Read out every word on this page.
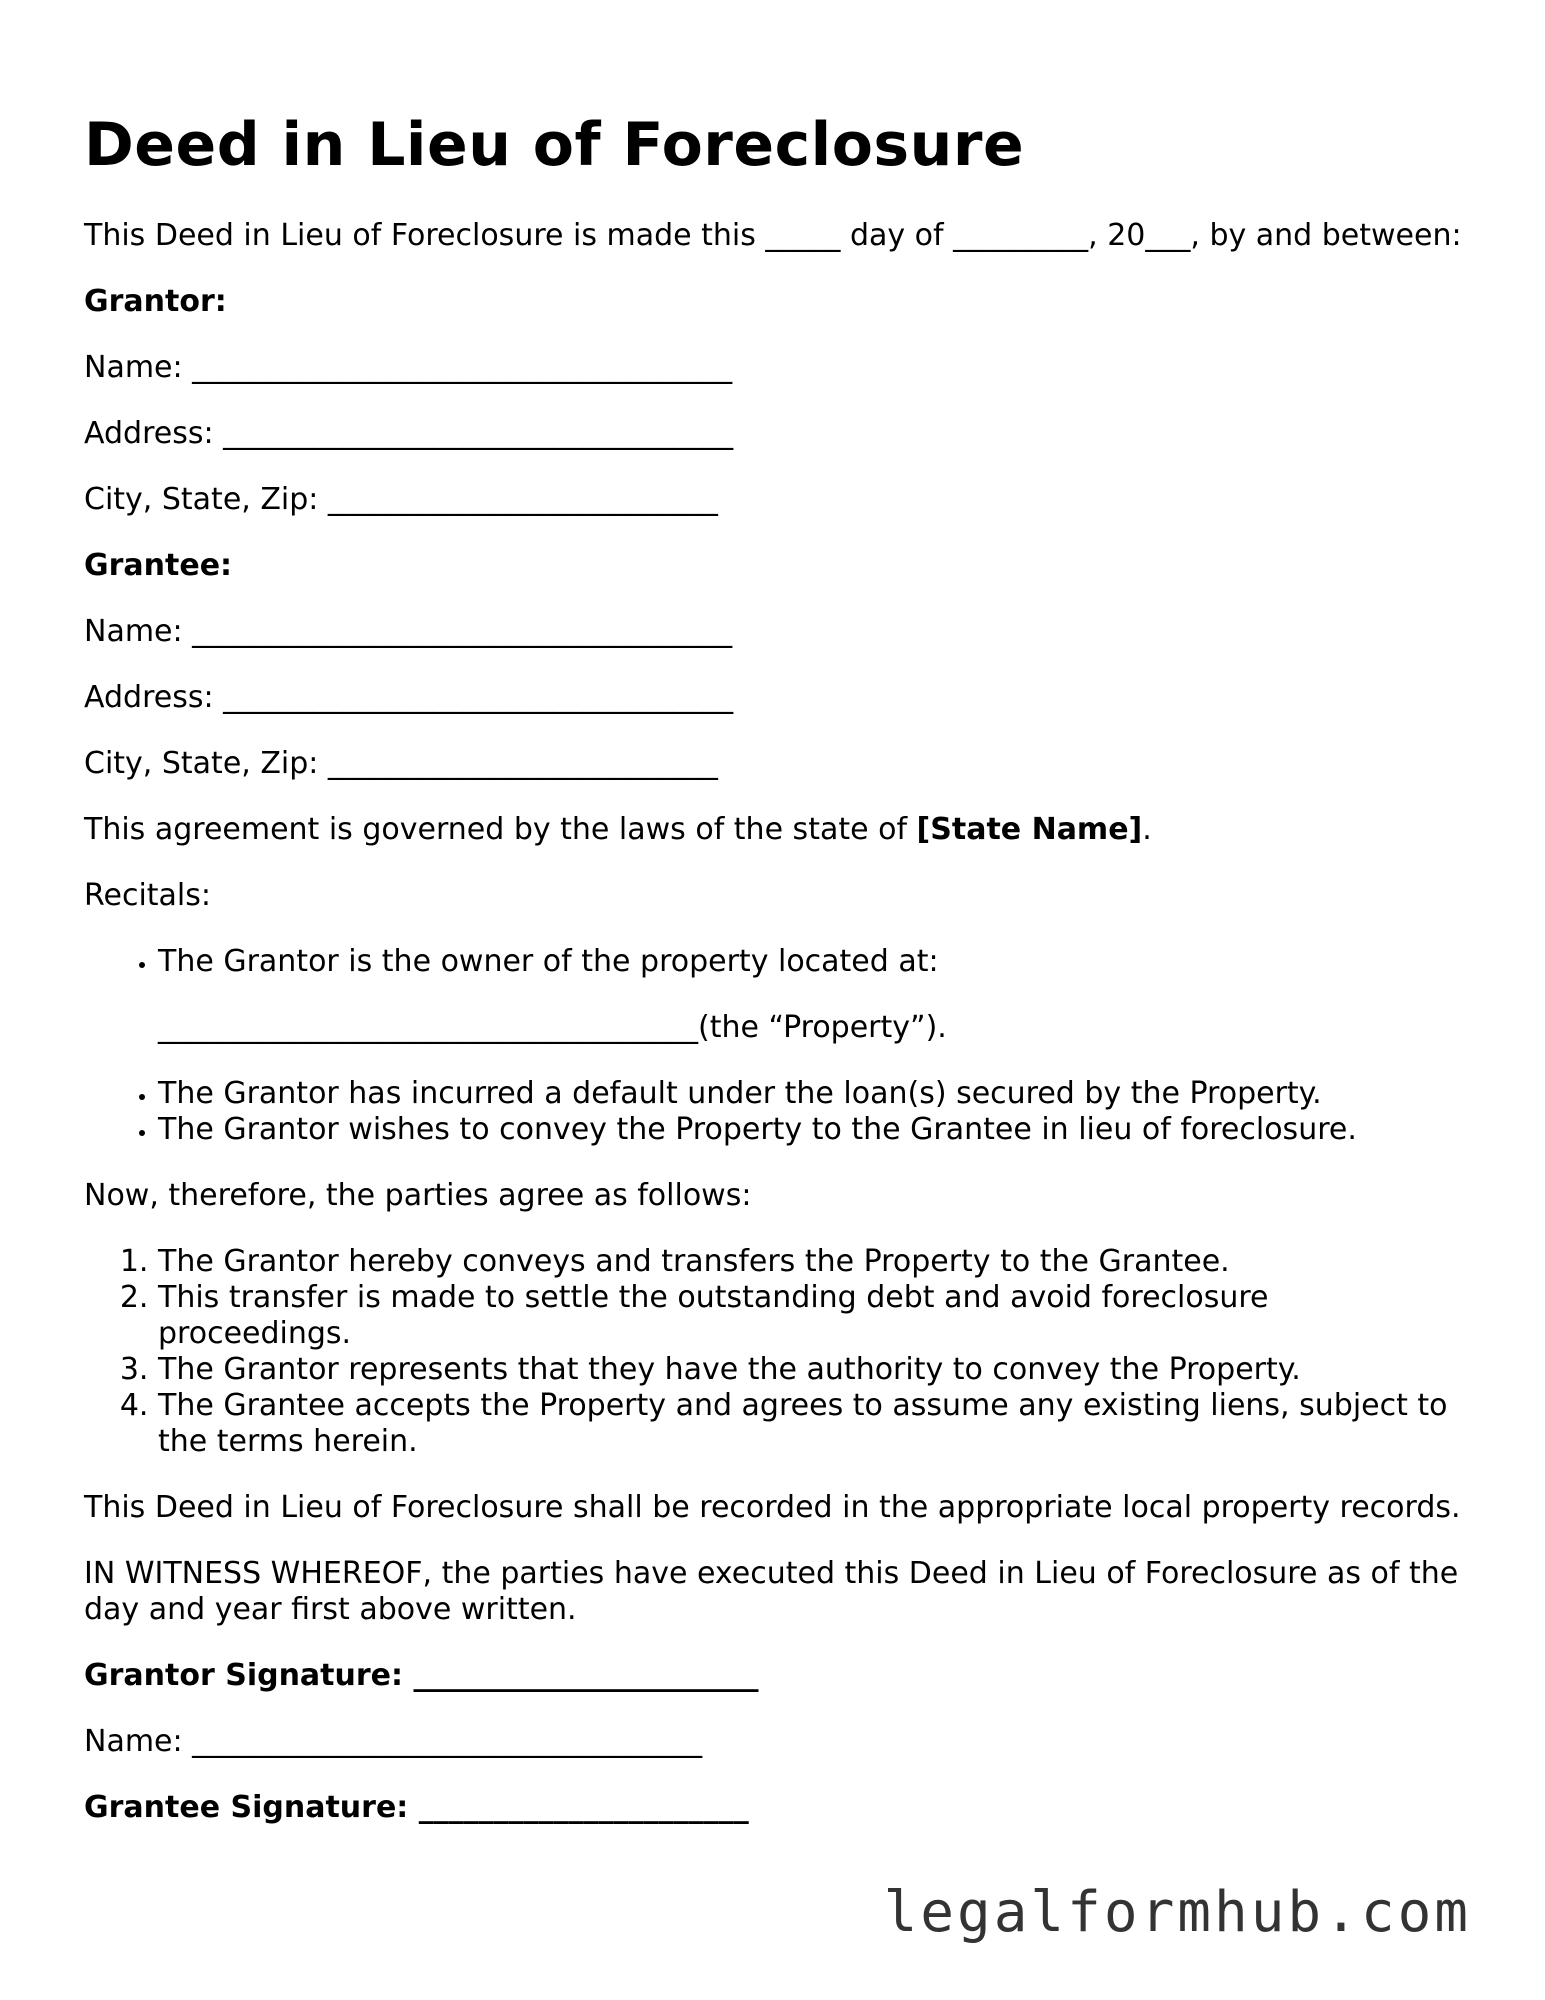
Deed in Lieu of Foreclosure

This Deed in Lieu of Foreclosure is made this _____ day of _________, 20___, by and between:

Grantor:

Name: ____________________________________

Address: __________________________________

City, State, Zip: __________________________

Grantee:

Name: ____________________________________

Address: __________________________________

City, State, Zip: __________________________

This agreement is governed by the laws of the state of [State Name].

Recitals:

• The Grantor is the owner of the property located at:
____________________________________(the “Property”).
• The Grantor has incurred a default under the loan(s) secured by the Property.
• The Grantor wishes to convey the Property to the Grantee in lieu of foreclosure.

Now, therefore, the parties agree as follows:

1. The Grantor hereby conveys and transfers the Property to the Grantee.
2. This transfer is made to settle the outstanding debt and avoid foreclosure proceedings.
3. The Grantor represents that they have the authority to convey the Property.
4. The Grantee accepts the Property and agrees to assume any existing liens, subject to the terms herein.

This Deed in Lieu of Foreclosure shall be recorded in the appropriate local property records.

IN WITNESS WHEREOF, the parties have executed this Deed in Lieu of Foreclosure as of the day and year first above written.

Grantor Signature: _______________________

Name: __________________________________

Grantee Signature: ______________________

legalformhub.com
